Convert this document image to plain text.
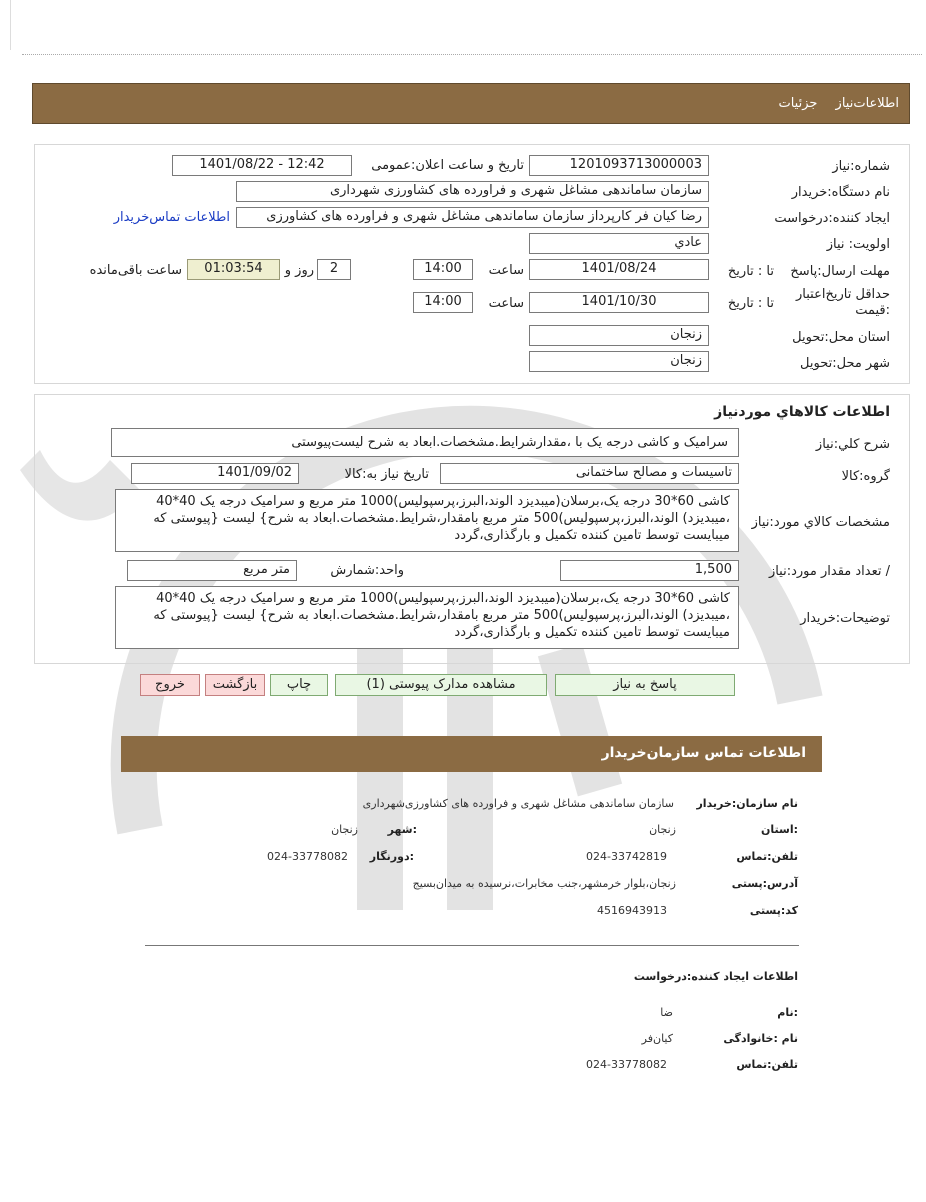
اطلاعات‌نیاز جزئیات
شماره:نیاز
1201093713000003
تاریخ و ساعت اعلان:عمومی
1401/08/22 - 12:42
نام دستگاه:خریدار
سازمان ساماندهی مشاغل شهری و فراورده های کشاورزی شهرداری
ایجاد کننده:درخواست
رضا کیان فر کارپرداز سازمان ساماندهی مشاغل شهری و فراورده های کشاورزی
اطلاعات تماس‌خریدار
اولویت: نیاز
عادي
مهلت ارسال:پاسخ
تا : تاریخ
1401/08/24
ساعت
14:00
2
روز و
01:03:54
ساعت باقی‌مانده
حداقل تاریخ‌اعتبار
:قیمت
تا : تاریخ
1401/10/30
ساعت
14:00
استان محل:تحویل
زنجان
شهر محل:تحویل
زنجان
اطلاعات کالاهاي موردنياز
شرح کلي:نياز
سرامیک و کاشی درجه یک با ،مقدارشرایط.مشخصات.ابعاد به شرح لیست‌پیوستی
گروه:کالا
تاسیسات و مصالح ساختمانی
تاریخ نیاز به:کالا
1401/09/02
مشخصات کالاي مورد:نياز
کاشی 60*30 درجه یک،برسلان(میبدیزد الوند،البرز،پرسپولیس)1000 متر مربع و سرامیک درجه یک 40*40 ،میبدیزد) الوند،البرز،پرسپولیس)500 متر مربع بامقدار،شرایط.مشخصات.ابعاد به شرح} لیست {پیوستی که میبایست توسط تامین کننده تکمیل و بارگذاری،گردد
/ تعداد مقدار مورد:نياز
1,500
واحد:شمارش
متر مربع
توضیحات:خریدار
کاشی 60*30 درجه یک،برسلان(میبدیزد الوند،البرز،پرسپولیس)1000 متر مربع و سرامیک درجه یک 40*40 ،میبدیزد) الوند،البرز،پرسپولیس)500 متر مربع بامقدار،شرایط.مشخصات.ابعاد به شرح} لیست {پیوستی که میبایست توسط تامین کننده تکمیل و بارگذاری،گردد
پاسخ به نیاز
مشاهده مدارک پیوستی (1)
چاپ
بازگشت
خروج
اطلاعات تماس سازمان‌خریدار
نام سازمان:خریدار
سازمان ساماندهی مشاغل شهری و فراورده های کشاورزی‌شهرداری
:استان
زنجان
:شهر
زنجان
تلفن:تماس
024-33742819
:دورنگار
024-33778082
آدرس:پستی
زنجان،بلوار خرمشهر،جنب مخابرات،نرسیده به میدان‌بسیج
کد:پستی
4516943913
اطلاعات ایجاد کننده:درخواست
:نام
ضا
نام :خانوادگی
کیان‌فر
تلفن:تماس
024-33778082
